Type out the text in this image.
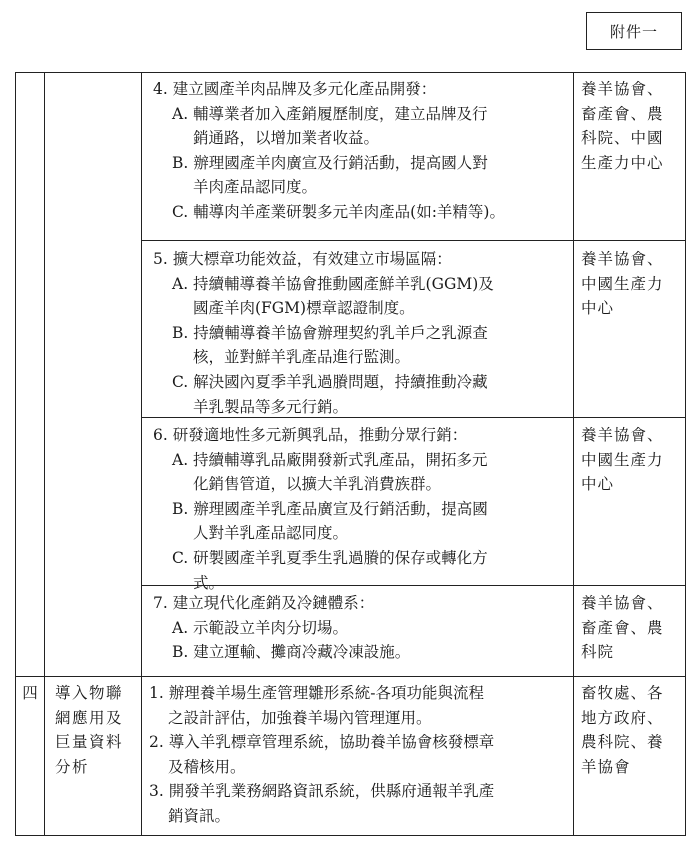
附件一
4. 建立國產羊肉品牌及多元化產品開發：
A. 輔導業者加入產銷履歷制度，建立品牌及行
銷通路，以增加業者收益。
B. 辦理國產羊肉廣宣及行銷活動，提高國人對
羊肉產品認同度。
C. 輔導肉羊產業研製多元羊肉產品(如:羊精等)。
養羊協會、
畜產會、農
科院、中國
生產力中心
5. 擴大標章功能效益，有效建立市場區隔：
A. 持續輔導養羊協會推動國產鮮羊乳(GGM)及
國產羊肉(FGM)標章認證制度。
B. 持續輔導養羊協會辦理契約乳羊戶之乳源查
核，並對鮮羊乳產品進行監測。
C. 解決國內夏季羊乳過賸問題，持續推動冷藏
羊乳製品等多元行銷。
養羊協會、
中國生產力
中心
6. 研發適地性多元新興乳品，推動分眾行銷：
A. 持續輔導乳品廠開發新式乳產品，開拓多元
化銷售管道，以擴大羊乳消費族群。
B. 辦理國產羊乳產品廣宣及行銷活動，提高國
人對羊乳產品認同度。
C. 研製國產羊乳夏季生乳過賸的保存或轉化方
式。
養羊協會、
中國生產力
中心
7. 建立現代化產銷及冷鏈體系：
A. 示範設立羊肉分切場。
B. 建立運輸、攤商冷藏冷凍設施。
養羊協會、
畜產會、農
科院
四	導入物聯
網應用及
巨量資料
分析
1. 辦理養羊場生產管理雛形系統-各項功能與流程
之設計評估，加強養羊場內管理運用。
2. 導入羊乳標章管理系統，協助養羊協會核發標章
及稽核用。
3. 開發羊乳業務網路資訊系統，供縣府通報羊乳產
銷資訊。
畜牧處、各
地方政府、
農科院、養
羊協會
